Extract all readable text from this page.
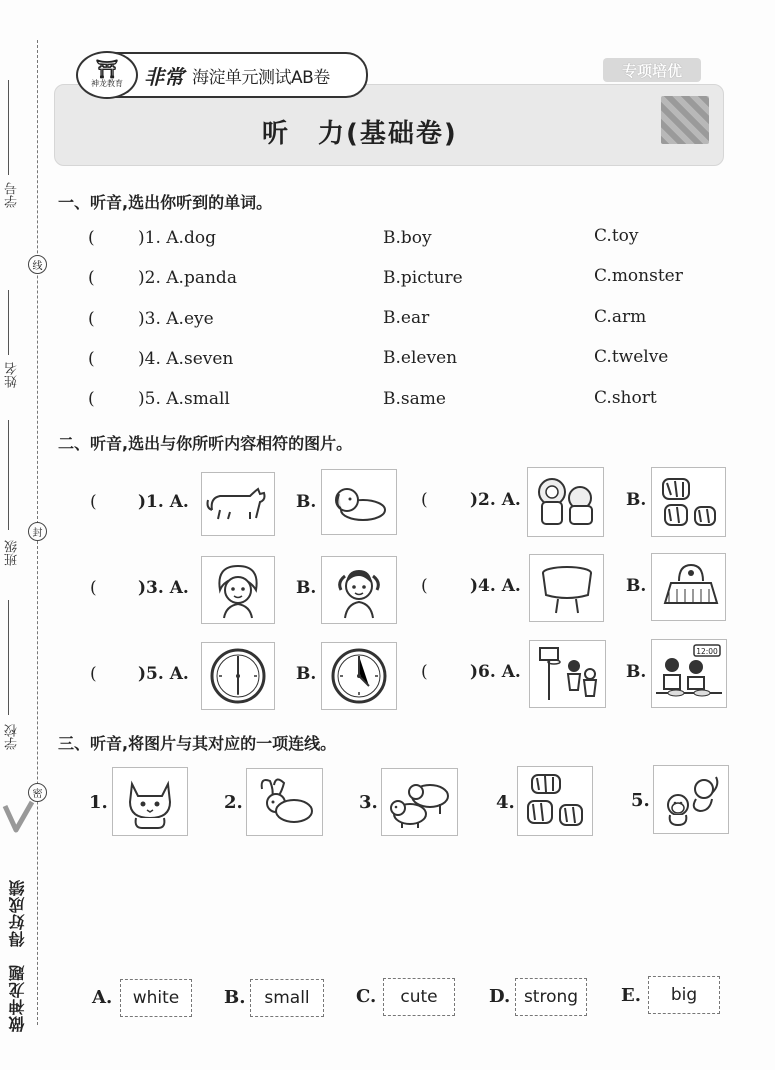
学号
线
姓名
班级
封
学校
密
做神龙题　得好成绩
⛩
神龙教育 非常 海淀单元测试AB卷	专项培优
听　力(基础卷)
一、听音,选出你听到的单词。
(	)1. A.dog	B.boy	C.toy
(	)2. A.panda	B.picture	C.monster
(	)3. A.eye	B.ear	C.arm
(	)4. A.seven	B.eleven	C.twelve
(	)5. A.small	B.same	C.short
二、听音,选出与你所听内容相符的图片。
( )1. A.	B.	( )2. A.	B.
( )3. A.	B.	( )4. A.	B.
( )5. A.	B.	( )6. A.	B.
12:00
三、听音,将图片与其对应的一项连线。
1.	2.	3.	4.	5.
A.	white	B.	small	C.	cute	D. strong	E.	big
